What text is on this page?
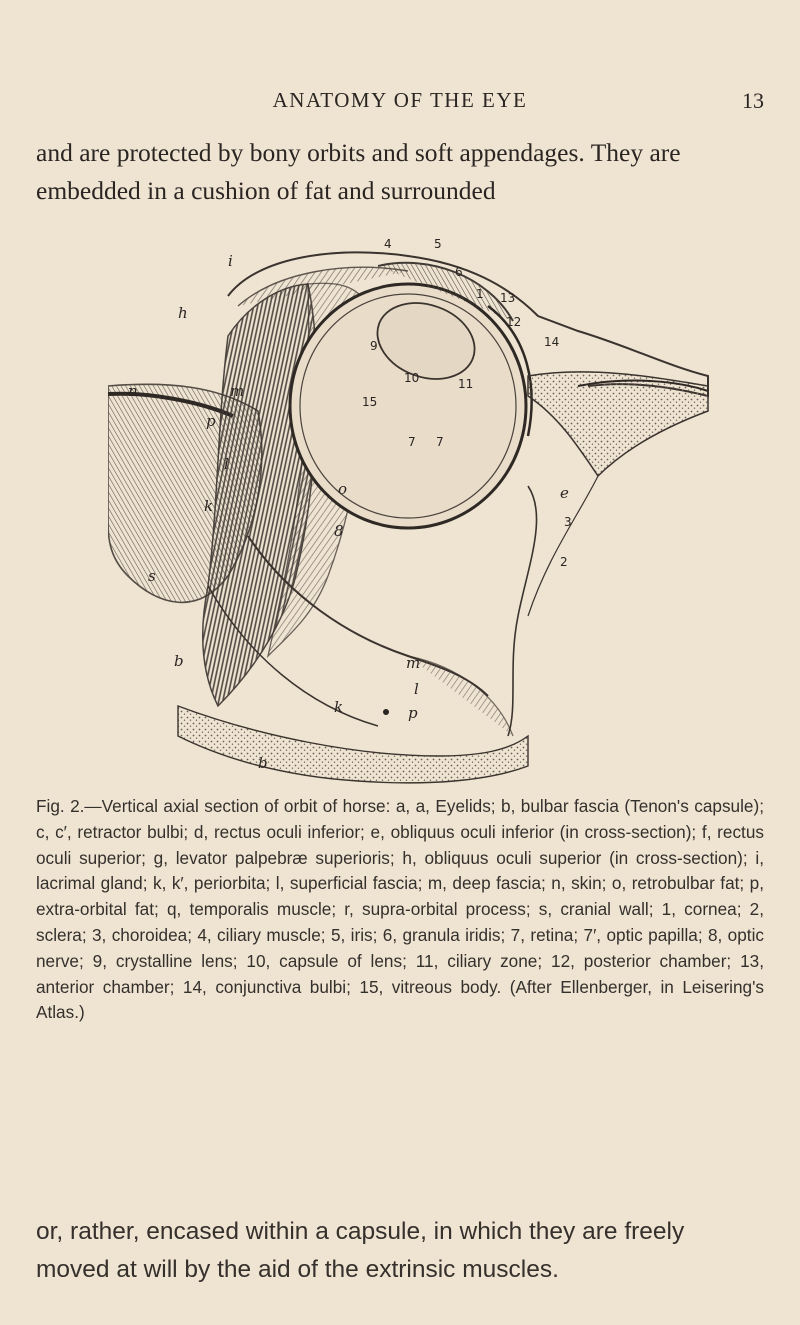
ANATOMY OF THE EYE	13

and are protected by bony orbits and soft appendages. They are embedded in a cushion of fat and surrounded

i
h
n	m
p
l
k
s
b
4	5
6
1 13
12
14
9
10	11
15
7 7
o
8
e
3
2
m
l
k	p
b

Fig. 2.—Vertical axial section of orbit of horse: a, a, Eyelids; b, bulbar fascia (Tenon's capsule); c, c′, retractor bulbi; d, rectus oculi inferior; e, obliquus oculi inferior (in cross-section); f, rectus oculi superior; g, levator palpebræ superioris; h, obliquus oculi superior (in cross-section); i, lacrimal gland; k, k′, periorbita; l, superficial fascia; m, deep fascia; n, skin; o, retrobulbar fat; p, extra-orbital fat; q, temporalis muscle; r, supra-orbital process; s, cranial wall; 1, cornea; 2, sclera; 3, choroidea; 4, ciliary muscle; 5, iris; 6, granula iridis; 7, retina; 7′, optic papilla; 8, optic nerve; 9, crystalline lens; 10, capsule of lens; 11, ciliary zone; 12, posterior chamber; 13, anterior chamber; 14, conjunctiva bulbi; 15, vitreous body. (After Ellenberger, in Leisering's Atlas.)

or, rather, encased within a capsule, in which they are freely moved at will by the aid of the extrinsic muscles.
